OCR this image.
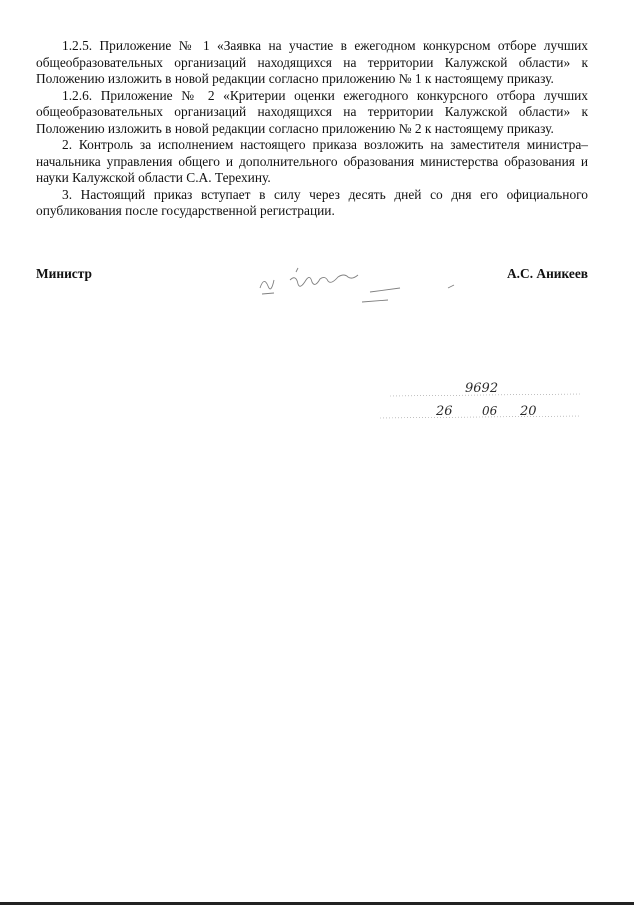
1.2.5. Приложение № 1 «Заявка на участие в ежегодном конкурсном отборе лучших общеобразовательных организаций находящихся на территории Калужской области» к Положению изложить в новой редакции согласно приложению № 1 к настоящему приказу.

1.2.6. Приложение № 2 «Критерии оценки ежегодного конкурсного отбора лучших общеобразовательных организаций находящихся на территории Калужской области» к Положению изложить в новой редакции согласно приложению № 2 к настоящему приказу.

2. Контроль за исполнением настоящего приказа возложить на заместителя министра–начальника управления общего и дополнительного образования министерства образования и науки Калужской области С.А. Терехину.

3. Настоящий приказ вступает в силу через десять дней со дня его официального опубликования после государственной регистрации.

Министр	А.С. Аникеев
9692
26 06 20
